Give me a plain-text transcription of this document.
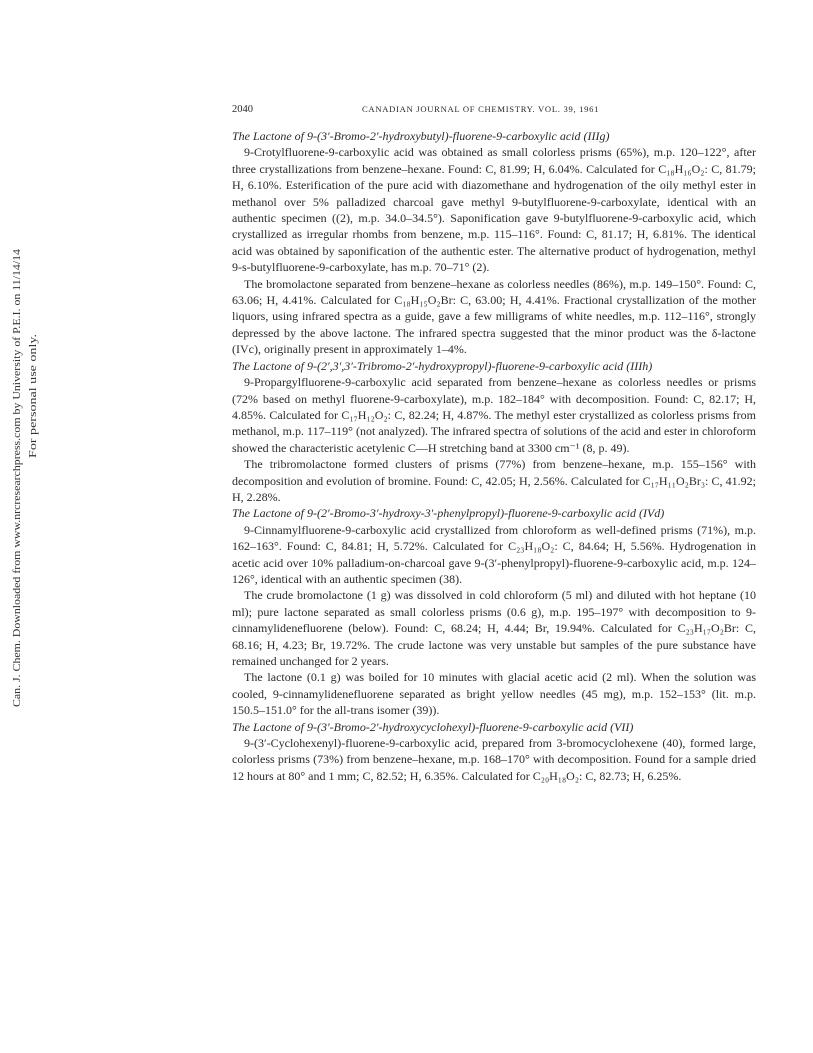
Can. J. Chem. Downloaded from www.nrcresearchpress.com by University of P.E.I. on 11/14/14 For personal use only.
2040	CANADIAN JOURNAL OF CHEMISTRY. VOL. 39, 1961

The Lactone of 9-(3′-Bromo-2′-hydroxybutyl)-fluorene-9-carboxylic acid (IIIg)

9-Crotylfluorene-9-carboxylic acid was obtained as small colorless prisms (65%), m.p. 120–122°, after three crystallizations from benzene–hexane. Found: C, 81.99; H, 6.04%. Calculated for C₁₈H₁₆O₂: C, 81.79; H, 6.10%. Esterification of the pure acid with diazomethane and hydrogenation of the oily methyl ester in methanol over 5% palladized charcoal gave methyl 9-butylfluorene-9-carboxylate, identical with an authentic specimen ((2), m.p. 34.0–34.5°). Saponification gave 9-butylfluorene-9-carboxylic acid, which crystallized as irregular rhombs from benzene, m.p. 115–116°. Found: C, 81.17; H, 6.81%. The identical acid was obtained by saponification of the authentic ester. The alternative product of hydrogenation, methyl 9-s-butylfluorene-9-carboxylate, has m.p. 70–71° (2).

The bromolactone separated from benzene–hexane as colorless needles (86%), m.p. 149–150°. Found: C, 63.06; H, 4.41%. Calculated for C₁₈H₁₅O₂Br: C, 63.00; H, 4.41%. Fractional crystallization of the mother liquors, using infrared spectra as a guide, gave a few milligrams of white needles, m.p. 112–116°, strongly depressed by the above lactone. The infrared spectra suggested that the minor product was the δ-lactone (IVc), originally present in approximately 1–4%.

The Lactone of 9-(2′,3′,3′-Tribromo-2′-hydroxypropyl)-fluorene-9-carboxylic acid (IIIh)

9-Propargylfluorene-9-carboxylic acid separated from benzene–hexane as colorless needles or prisms (72% based on methyl fluorene-9-carboxylate), m.p. 182–184° with decomposition. Found: C, 82.17; H, 4.85%. Calculated for C₁₇H₁₂O₂: C, 82.24; H, 4.87%. The methyl ester crystallized as colorless prisms from methanol, m.p. 117–119° (not analyzed). The infrared spectra of solutions of the acid and ester in chloroform showed the characteristic acetylenic C—H stretching band at 3300 cm⁻¹ (8, p. 49).

The tribromolactone formed clusters of prisms (77%) from benzene–hexane, m.p. 155–156° with decomposition and evolution of bromine. Found: C, 42.05; H, 2.56%. Calculated for C₁₇H₁₁O₂Br₃: C, 41.92; H, 2.28%.

The Lactone of 9-(2′-Bromo-3′-hydroxy-3′-phenylpropyl)-fluorene-9-carboxylic acid (IVd)

9-Cinnamylfluorene-9-carboxylic acid crystallized from chloroform as well-defined prisms (71%), m.p. 162–163°. Found: C, 84.81; H, 5.72%. Calculated for C₂₃H₁₈O₂: C, 84.64; H, 5.56%. Hydrogenation in acetic acid over 10% palladium-on-charcoal gave 9-(3′-phenylpropyl)-fluorene-9-carboxylic acid, m.p. 124–126°, identical with an authentic specimen (38).

The crude bromolactone (1 g) was dissolved in cold chloroform (5 ml) and diluted with hot heptane (10 ml); pure lactone separated as small colorless prisms (0.6 g), m.p. 195–197° with decomposition to 9-cinnamylidenefluorene (below). Found: C, 68.24; H, 4.44; Br, 19.94%. Calculated for C₂₃H₁₇O₂Br: C, 68.16; H, 4.23; Br, 19.72%. The crude lactone was very unstable but samples of the pure substance have remained unchanged for 2 years.

The lactone (0.1 g) was boiled for 10 minutes with glacial acetic acid (2 ml). When the solution was cooled, 9-cinnamylidenefluorene separated as bright yellow needles (45 mg), m.p. 152–153° (lit. m.p. 150.5–151.0° for the all-trans isomer (39)).

The Lactone of 9-(3′-Bromo-2′-hydroxycyclohexyl)-fluorene-9-carboxylic acid (VII)

9-(3′-Cyclohexenyl)-fluorene-9-carboxylic acid, prepared from 3-bromocyclohexene (40), formed large, colorless prisms (73%) from benzene–hexane, m.p. 168–170° with decomposition. Found for a sample dried 12 hours at 80° and 1 mm; C, 82.52; H, 6.35%. Calculated for C₂₀H₁₈O₂: C, 82.73; H, 6.25%.
